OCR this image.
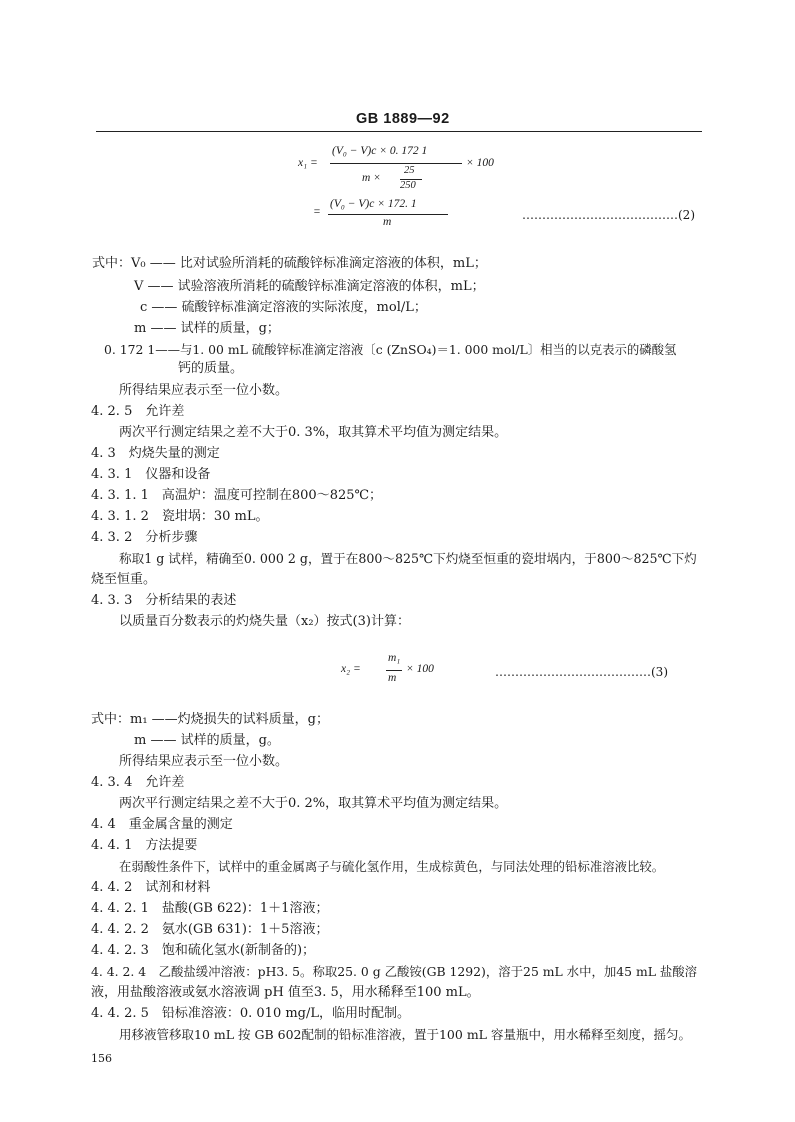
GB 1889—92
x₁ =
(V₀ − V)c × 0. 172 1
m ×
25
250
× 100
=
(V₀ − V)c × 172. 1
m	…………………………………(2)
式中：V₀ —— 比对试验所消耗的硫酸锌标准滴定溶液的体积，mL；
V —— 试验溶液所消耗的硫酸锌标准滴定溶液的体积，mL；
c —— 硫酸锌标准滴定溶液的实际浓度，mol/L；
m —— 试样的质量，g；
0. 172 1——与1. 00 mL 硫酸锌标准滴定溶液〔c (ZnSO₄)＝1. 000 mol/L〕相当的以克表示的磷酸氢
钙的质量。
所得结果应表示至一位小数。
4. 2. 5　允许差
两次平行测定结果之差不大于0. 3%，取其算术平均值为测定结果。
4. 3　灼烧失量的测定
4. 3. 1　仪器和设备
4. 3. 1. 1　高温炉：温度可控制在800～825℃；
4. 3. 1. 2　瓷坩埚：30 mL。
4. 3. 2　分析步骤
称取1 g 试样，精确至0. 000 2 g，置于在800～825℃下灼烧至恒重的瓷坩埚内，于800～825℃下灼
烧至恒重。
4. 3. 3　分析结果的表述
以质量百分数表示的灼烧失量（x₂）按式(3)计算：
x₂ =
m₁
m
× 100	…………………………………(3)
式中：m₁ ——灼烧损失的试料质量，g；
m —— 试样的质量，g。
所得结果应表示至一位小数。
4. 3. 4　允许差
两次平行测定结果之差不大于0. 2%，取其算术平均值为测定结果。
4. 4　重金属含量的测定
4. 4. 1　方法提要
在弱酸性条件下，试样中的重金属离子与硫化氢作用，生成棕黄色，与同法处理的铅标准溶液比较。
4. 4. 2　试剂和材料
4. 4. 2. 1　盐酸(GB 622)：1＋1溶液；
4. 4. 2. 2　氨水(GB 631)：1＋5溶液；
4. 4. 2. 3　饱和硫化氢水(新制备的)；
4. 4. 2. 4　乙酸盐缓冲溶液：pH3. 5。称取25. 0 g 乙酸铵(GB 1292)，溶于25 mL 水中，加45 mL 盐酸溶
液，用盐酸溶液或氨水溶液调 pH 值至3. 5，用水稀释至100 mL。
4. 4. 2. 5　铅标准溶液：0. 010 mg/L，临用时配制。
用移液管移取10 mL 按 GB 602配制的铅标准溶液，置于100 mL 容量瓶中，用水稀释至刻度，摇匀。
156
